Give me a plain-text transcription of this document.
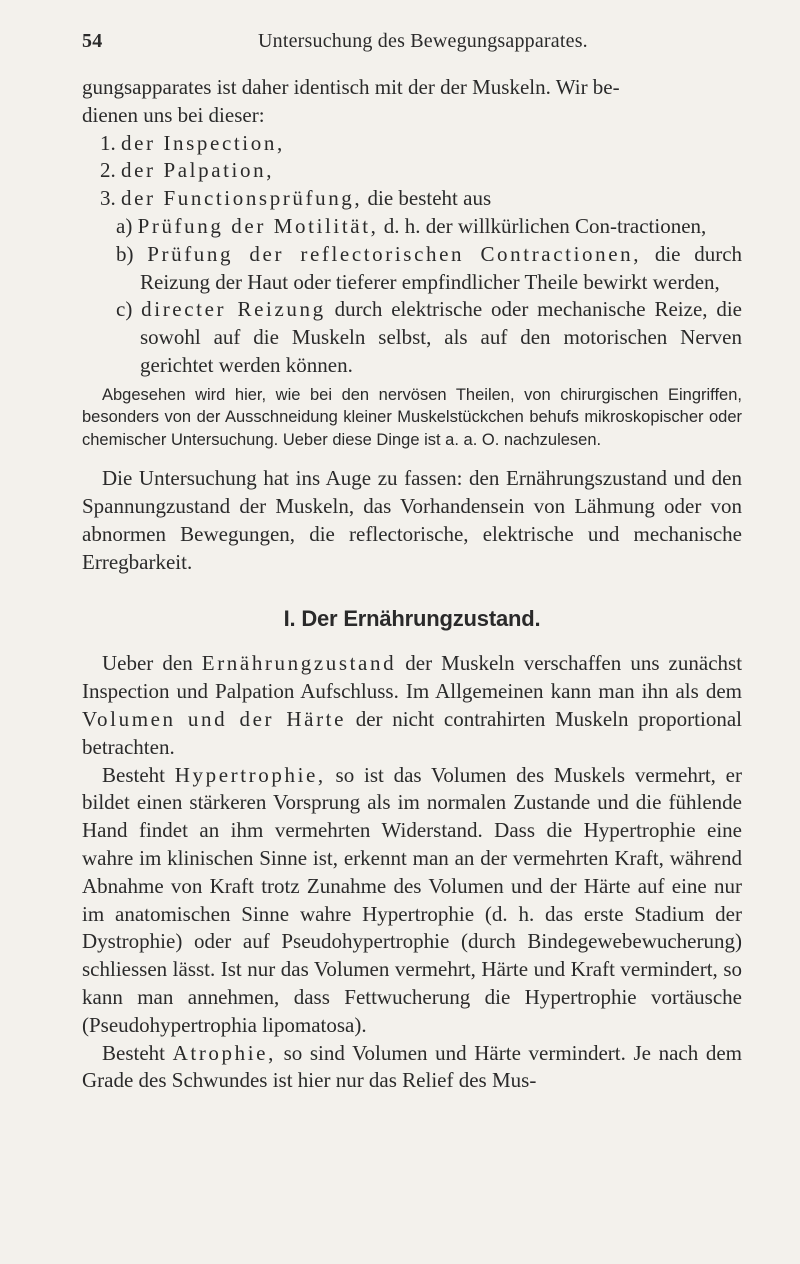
54	Untersuchung des Bewegungsapparates.

gungsapparates ist daher identisch mit der der Muskeln. Wir be-
dienen uns bei dieser:

1. der Inspection,

2. der Palpation,

3. der Functionsprüfung, die besteht aus

a) Prüfung der Motilität, d. h. der willkürlichen Con-tractionen,

b) Prüfung der reflectorischen Contractionen, die durch Reizung der Haut oder tieferer empfindlicher Theile bewirkt werden,

c) directer Reizung durch elektrische oder mechanische Reize, die sowohl auf die Muskeln selbst, als auf den motorischen Nerven gerichtet werden können.

Abgesehen wird hier, wie bei den nervösen Theilen, von chirurgischen Eingriffen, besonders von der Ausschneidung kleiner Muskelstückchen behufs mikroskopischer oder chemischer Untersuchung. Ueber diese Dinge ist a. a. O. nachzulesen.

Die Untersuchung hat ins Auge zu fassen: den Ernährungszustand und den Spannungzustand der Muskeln, das Vorhandensein von Lähmung oder von abnormen Bewegungen, die reflectorische, elektrische und mechanische Erregbarkeit.

I. Der Ernährungzustand.

Ueber den Ernährungzustand der Muskeln verschaffen uns zunächst Inspection und Palpation Aufschluss. Im Allgemeinen kann man ihn als dem Volumen und der Härte der nicht contrahirten Muskeln proportional betrachten.

Besteht Hypertrophie, so ist das Volumen des Muskels vermehrt, er bildet einen stärkeren Vorsprung als im normalen Zustande und die fühlende Hand findet an ihm vermehrten Widerstand. Dass die Hypertrophie eine wahre im klinischen Sinne ist, erkennt man an der vermehrten Kraft, während Abnahme von Kraft trotz Zunahme des Volumen und der Härte auf eine nur im anatomischen Sinne wahre Hypertrophie (d. h. das erste Stadium der Dystrophie) oder auf Pseudohypertrophie (durch Bindegewebewucherung) schliessen lässt. Ist nur das Volumen vermehrt, Härte und Kraft vermindert, so kann man annehmen, dass Fettwucherung die Hypertrophie vortäusche (Pseudohypertrophia lipomatosa).

Besteht Atrophie, so sind Volumen und Härte vermindert. Je nach dem Grade des Schwundes ist hier nur das Relief des Mus-
